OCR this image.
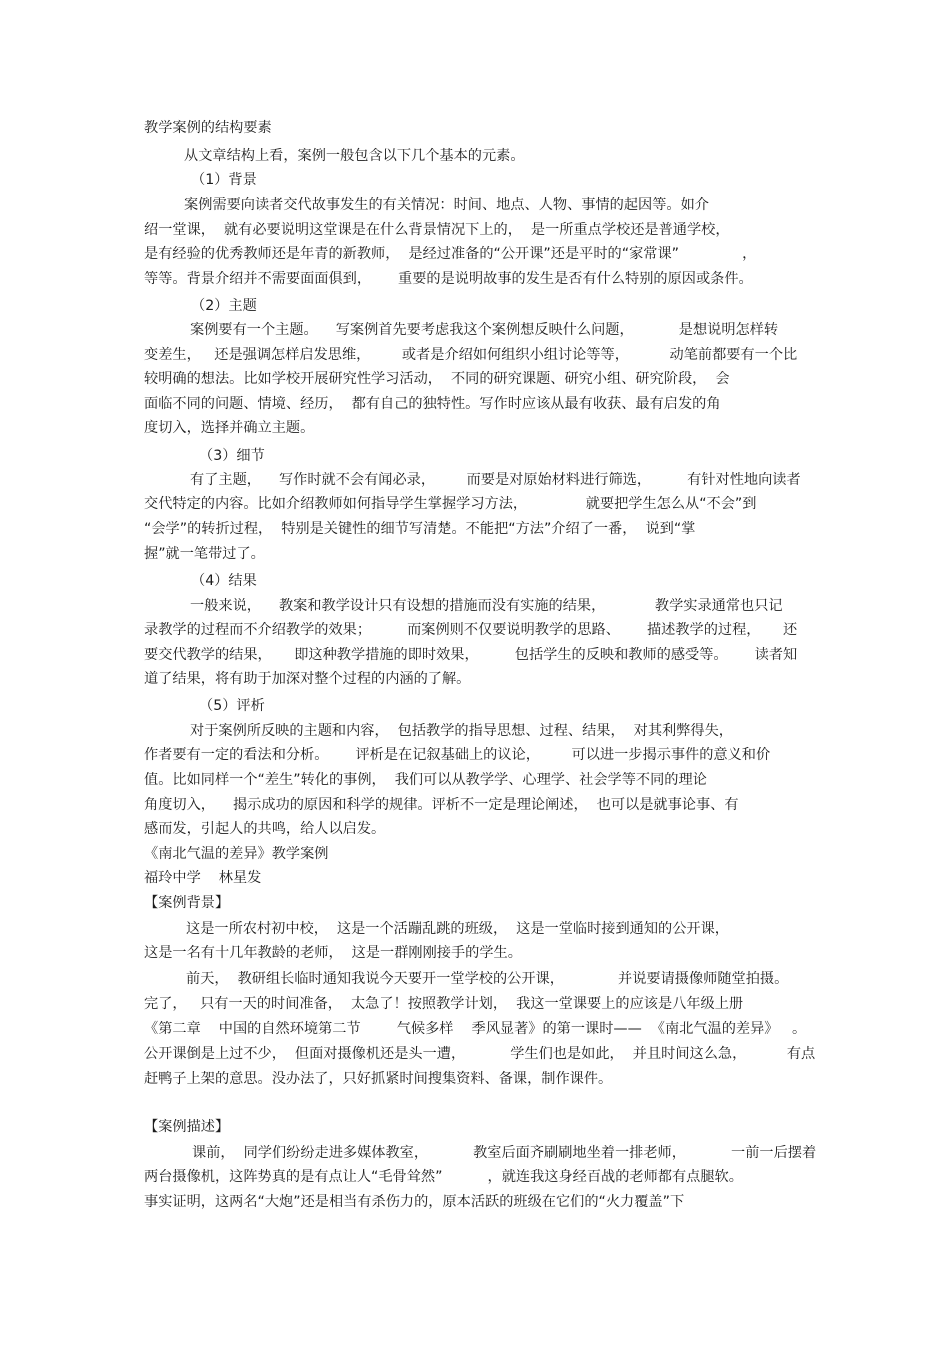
教学案例的结构要素

从文章结构上看，案例一般包含以下几个基本的元素。

（1）背景

案例需要向读者交代故事发生的有关情况：时间、地点、人物、事情的起因等。如介

绍一堂课，  就有必要说明这堂课是在什么背景情况下上的，  是一所重点学校还是普通学校，

是有经验的优秀教师还是年青的新教师，  是经过准备的“公开课”还是平时的“家常课”              ，

等等。背景介绍并不需要面面俱到，      重要的是说明故事的发生是否有什么特别的原因或条件。

（2）主题

案例要有一个主题。    写案例首先要考虑我这个案例想反映什么问题，          是想说明怎样转

变差生，   还是强调怎样启发思维，       或者是介绍如何组织小组讨论等等，         动笔前都要有一个比

较明确的想法。比如学校开展研究性学习活动，  不同的研究课题、研究小组、研究阶段，  会

面临不同的问题、情境、经历，  都有自己的独特性。写作时应该从最有收获、最有启发的角

度切入，选择并确立主题。

（3）细节

有了主题，    写作时就不会有闻必录，       而要是对原始材料进行筛选，        有针对性地向读者

交代特定的内容。比如介绍教师如何指导学生掌握学习方法，             就要把学生怎么从“不会”到

“会学”的转折过程，  特别是关键性的细节写清楚。不能把“方法”介绍了一番，  说到“掌

握”就一笔带过了。

（4）结果

一般来说，    教案和教学设计只有设想的措施而没有实施的结果，           教学实录通常也只记

录教学的过程而不介绍教学的效果；        而案例则不仅要说明教学的思路、      描述教学的过程，     还

要交代教学的结果，     即这种教学措施的即时效果，        包括学生的反映和教师的感受等。      读者知

道了结果，将有助于加深对整个过程的内涵的了解。

（5）评析

对于案例所反映的主题和内容，  包括教学的指导思想、过程、结果，  对其利弊得失，

作者要有一定的看法和分析。      评析是在记叙基础上的议论，       可以进一步揭示事件的意义和价

值。比如同样一个“差生”转化的事例，  我们可以从教学学、心理学、社会学等不同的理论

角度切入，    揭示成功的原因和科学的规律。评析不一定是理论阐述，  也可以是就事论事、有

感而发，引起人的共鸣，给人以启发。

《南北气温的差异》教学案例

福玲中学    林星发

【案例背景】

这是一所农村初中校，  这是一个活蹦乱跳的班级，  这是一堂临时接到通知的公开课，

这是一名有十几年教龄的老师，  这是一群刚刚接手的学生。

前天，  教研组长临时通知我说今天要开一堂学校的公开课，            并说要请摄像师随堂拍摄。

完了，   只有一天的时间准备，  太急了！按照教学计划，  我这一堂课要上的应该是八年级上册

《第二章    中国的自然环境第二节        气候多样    季风显著》的第一课时——  《南北气温的差异》   。

公开课倒是上过不少，  但面对摄像机还是头一遭，          学生们也是如此，  并且时间这么急，         有点

赶鸭子上架的意思。没办法了，只好抓紧时间搜集资料、备课，制作课件。

【案例描述】

课前，  同学们纷纷走进多媒体教室，          教室后面齐刷刷地坐着一排老师，          一前一后摆着

两台摄像机，这阵势真的是有点让人“毛骨耸然”          ，就连我这身经百战的老师都有点腿软。

事实证明，这两名“大炮”还是相当有杀伤力的，原本活跃的班级在它们的“火力覆盖”下
